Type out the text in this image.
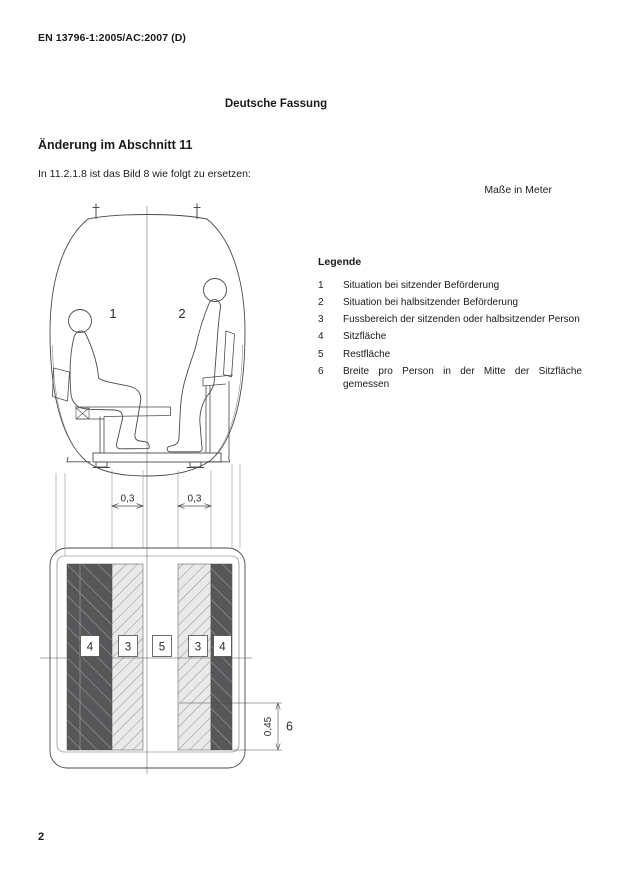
EN 13796-1:2005/AC:2007 (D)
Deutsche Fassung
Änderung im Abschnitt 11
In 11.2.1.8 ist das Bild 8 wie folgt zu ersetzen:
Maße in Meter
1	2
0,3	0,3
4	3 5	3 4
0,45 6
Legende
1	Situation bei sitzender Beförderung
2	Situation bei halbsitzender Beförderung
3	Fussbereich der sitzenden oder halbsitzender Person
4	Sitzfläche
5	Restfläche
6	Breite pro Person in der Mitte der Sitzfläche gemessen
2
